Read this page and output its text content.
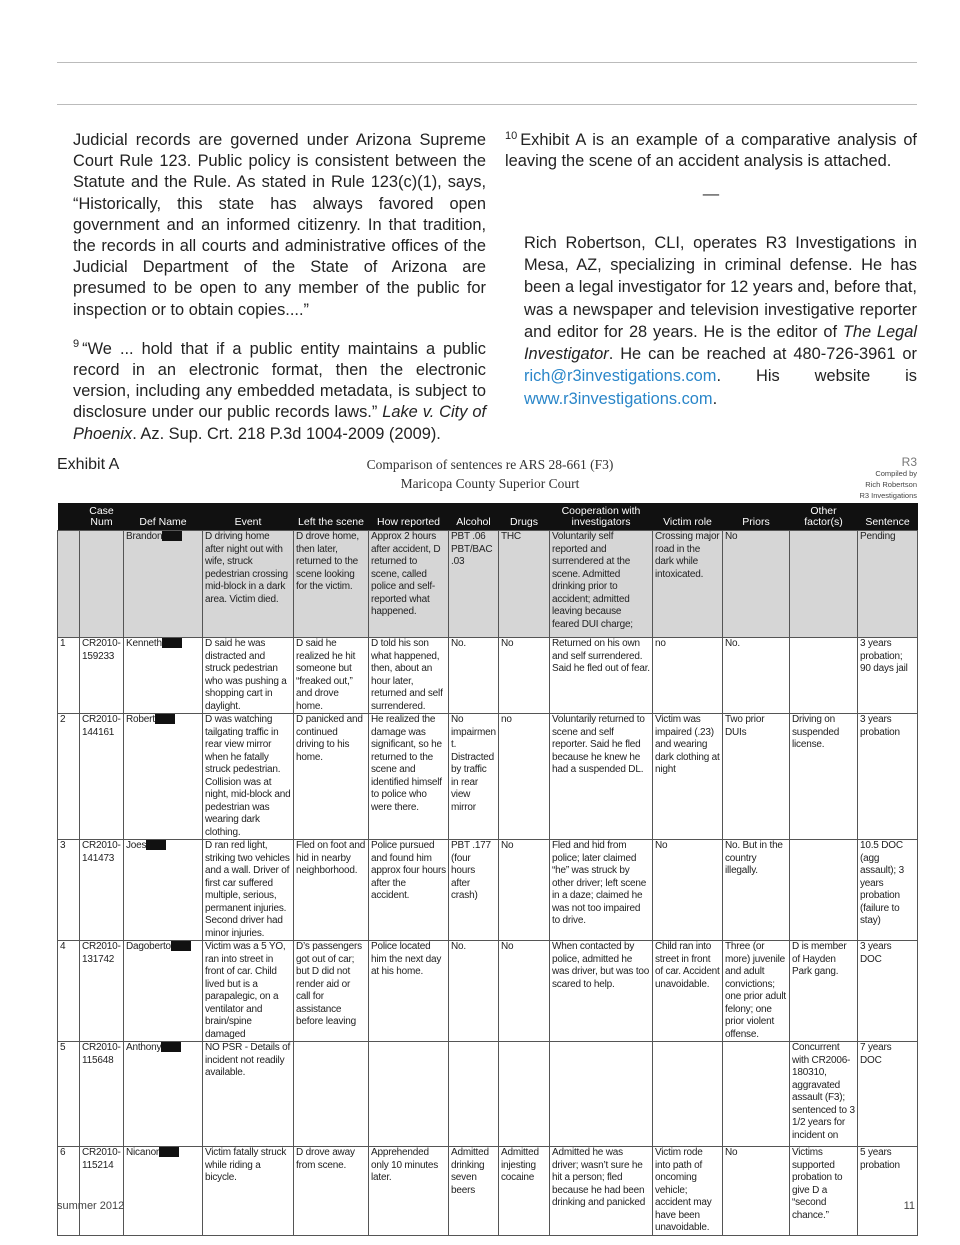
Judicial records are governed under Arizona Supreme Court Rule 123. Public policy is consistent between the Statute and the Rule. As stated in Rule 123(c)(1), says, “Historically, this state has always favored open government and an informed citizenry. In that tradition, the records in all courts and administrative offices of the Judicial Department of the State of Arizona are presumed to be open to any member of the public for inspection or to obtain copies....”

$^9$ “We ... hold that if a public entity maintains a public record in an electronic format, then the electronic version, including any embedded metadata, is subject to disclosure under our public records laws.” Lake v. City of Phoenix. Az. Sup. Crt. 218 P.3d 1004-2009 (2009).

$^{10}$ Exhibit A is an example of a comparative analysis of leaving the scene of an accident analysis is attached.

—

Rich Robertson, CLI, operates R3 Investigations in Mesa, AZ, specializing in criminal defense. He has been a legal investigator for 12 years and, before that, was a newspaper and television investigative reporter and editor for 28 years. He is the editor of The Legal Investigator. He can be reached at 480-726-3961 or rich@r3investigations.com. His website is www.r3investigations.com.

Exhibit A	Comparison of sentences re ARS 28-661 (F3)
Maricopa County Superior Court
R3
Compiled by
Rich Robertson
R3 Investigations
	Case Num	Def Name	Event	Left the scene	How reported	Alcohol	Drugs	Cooperation with investigators	Victim role	Priors	Other factor(s)	Sentence
		Brandon	D driving home after night out with wife, struck pedestrian crossing mid-block in a dark area. Victim died.	D drove home, then later, returned to the scene looking for the victim.	Approx 2 hours after accident, D returned to scene, called police and self-reported what happened.	PBT .06 PBT/BAC .03	THC	Voluntarily self reported and surrendered at the scene. Admitted drinking prior to accident; admitted leaving because feared DUI charge;	Crossing major road in the dark while intoxicated.	No		Pending
1	CR2010-159233	Kenneth	D said he was distracted and struck pedestrian who was pushing a shopping cart in daylight.	D said he realized he hit someone but “freaked out,” and drove home.	D told his son what happened, then, about an hour later, returned and self surrendered.	No.	No	Returned on his own and self surrendered. Said he fled out of fear.	no	No.		3 years probation; 90 days jail
2	CR2010-144161	Robert	D was watching tailgating traffic in rear view mirror when he fatally struck pedestrian. Collision was at night, mid-block and pedestrian was wearing dark clothing.	D panicked and continued driving to his home.	He realized the damage was significant, so he returned to the scene and identified himself to police who were there.	No impairment. Distracted by traffic in rear view mirror	no	Voluntarily returned to scene and self reporter. Said he fled because he knew he had a suspended DL.	Victim was impaired (.23) and wearing dark clothing at night	Two prior DUIs	Driving on suspended license.	3 years probation
3	CR2010-141473	Joes	D ran red light, striking two vehicles and a wall. Driver of first car suffered multiple, serious, permanent injuries. Second driver had minor injuries.	Fled on foot and hid in nearby neighborhood.	Police pursued and found him approx four hours after the accident.	PBT .177 (four hours after crash)	No	Fled and hid from police; later claimed “he” was struck by other driver; left scene in a daze; claimed he was not too impaired to drive.	No	No. But in the country illegally.		10.5 DOC (agg assault); 3 years probation (failure to stay)
4	CR2010-131742	Dagoberto	Victim was a 5 YO, ran into street in front of car. Child lived but is a parapalegic, on a ventilator and brain/spine damaged	D’s passengers got out of car; but D did not render aid or call for assistance before leaving	Police located him the next day at his home.	No.	No	When contacted by police, admitted he was driver, but was too scared to help.	Child ran into street in front of car. Accident unavoidable.	Three (or more) juvenile and adult convictions; one prior adult felony; one prior violent offense.	D is member of Hayden Park gang.	3 years DOC
5	CR2010-115648	Anthony	NO PSR - Details of incident not readily available.								Concurrent with CR2006-180310, aggravated assault (F3); sentenced to 3 1/2 years for incident on	7 years DOC
6	CR2010-115214	Nicanor	Victim fatally struck while riding a bicycle.	D drove away from scene.	Apprehended only 10 minutes later.	Admitted drinking seven beers	Admitted injesting cocaine	Admitted he was driver; wasn’t sure he hit a person; fled because he had been drinking and panicked	Victim rode into path of oncoming vehicle; accident may have been unavoidable.	No	Victims supported probation to give D a “second chance.”	5 years probation
summer 2012	11
